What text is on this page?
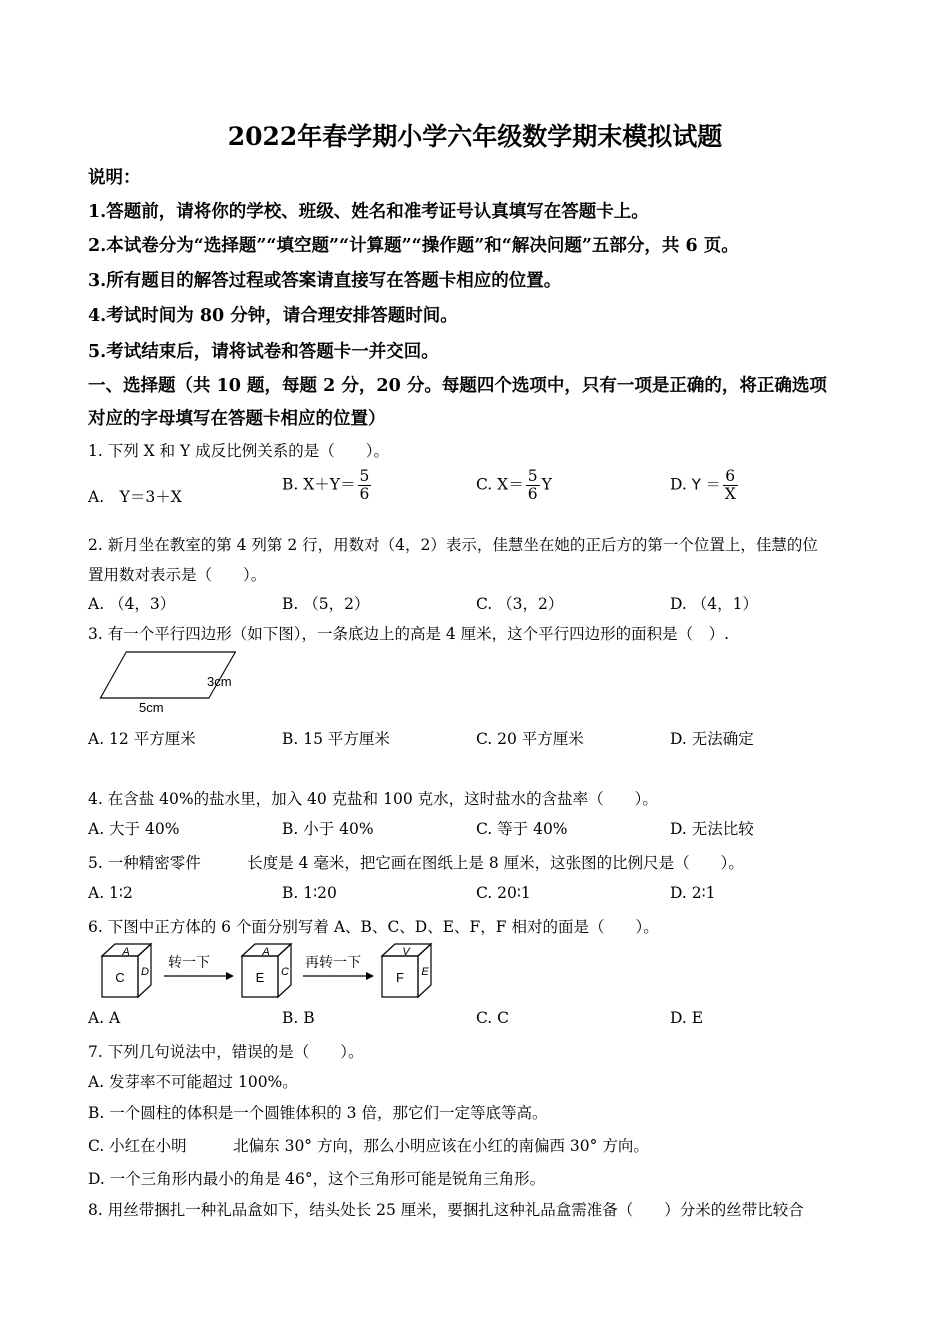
2022年春学期小学六年级数学期末模拟试题
说明：
1.答题前，请将你的学校、班级、姓名和准考证号认真填写在答题卡上。
2.本试卷分为“选择题”“填空题”“计算题”“操作题”和“解决问题”五部分，共 6 页。
3.所有题目的解答过程或答案请直接写在答题卡相应的位置。
4.考试时间为 80 分钟，请合理安排答题时间。
5.考试结束后，请将试卷和答题卡一并交回。
一、选择题（共 10 题，每题 2 分，20 分。每题四个选项中，只有一项是正确的，将正确选项
对应的字母填写在答题卡相应的位置）
1. 下列 X 和 Y 成反比例关系的是（　　）。
A.　Y＝3＋X
B. $X+Y= \frac{5}{6}$	C. $X= \frac{5}{6}$ Y	D. $Y = \frac{6}{X}$
2. 新月坐在教室的第 4 列第 2 行，用数对（4，2）表示，佳慧坐在她的正后方的第一个位置上，佳慧的位
置用数对表示是（　　）。
A. （4，3）	B. （5，2）	C. （3，2）	D. （4，1）
3. 有一个平行四边形（如下图），一条底边上的高是 4 厘米，这个平行四边形的面积是（　）.
3cm
5cm
A. 12 平方厘米	B. 15 平方厘米	C. 20 平方厘米	D. 无法确定
4. 在含盐 40%的盐水里，加入 40 克盐和 100 克水，这时盐水的含盐率（　　）。
A. 大于 40%	B. 小于 40%	C. 等于 40%	D. 无法比较
5. 一种精密零件　　　长度是 4 毫米，把它画在图纸上是 8 厘米，这张图的比例尺是（　　）。
A. 1∶2	B. 1∶20	C. 20∶1	D. 2∶1
6. 下图中正方体的 6 个面分别写着 A、B、C、D、E、F，F 相对的面是（　　）。
A
C D
转一下
A
E C
再转一下
V
F E
A. A	B. B	C. C	D. E
7. 下列几句说法中，错误的是（　　）。
A. 发芽率不可能超过 100%。
B. 一个圆柱的体积是一个圆锥体积的 3 倍，那它们一定等底等高。
C. 小红在小明　　　北偏东 30° 方向，那么小明应该在小红的南偏西 30° 方向。
D. 一个三角形内最小的角是 46°，这个三角形可能是锐角三角形。
8. 用丝带捆扎一种礼品盒如下，结头处长 25 厘米，要捆扎这种礼品盒需准备（　　）分米的丝带比较合
